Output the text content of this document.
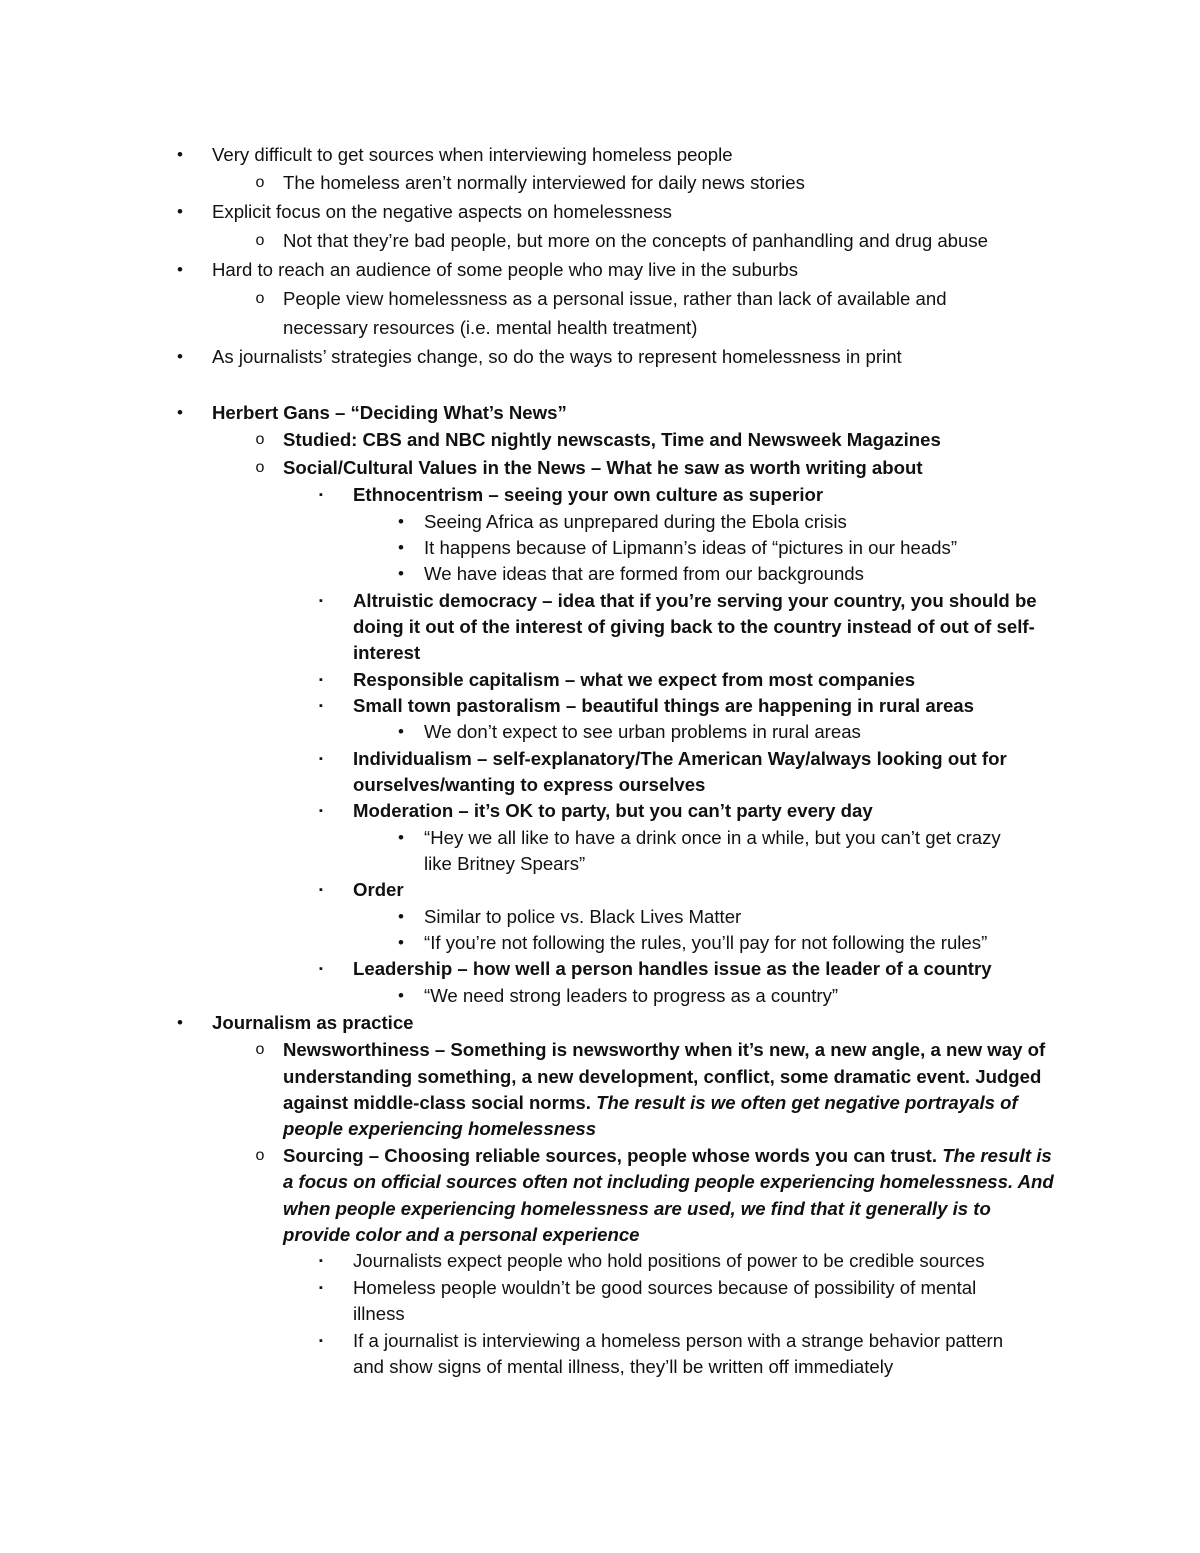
• Very difficult to get sources when interviewing homeless people
o The homeless aren’t normally interviewed for daily news stories
• Explicit focus on the negative aspects on homelessness
o Not that they’re bad people, but more on the concepts of panhandling and drug abuse
• Hard to reach an audience of some people who may live in the suburbs
o People view homelessness as a personal issue, rather than lack of available and
necessary resources (i.e. mental health treatment)
• As journalists’ strategies change, so do the ways to represent homelessness in print
• Herbert Gans – “Deciding What’s News”
o Studied: CBS and NBC nightly newscasts, Time and Newsweek Magazines
o Social/Cultural Values in the News – What he saw as worth writing about
▪	Ethnocentrism – seeing your own culture as superior
• Seeing Africa as unprepared during the Ebola crisis
• It happens because of Lipmann’s ideas of “pictures in our heads”
• We have ideas that are formed from our backgrounds
▪	Altruistic democracy – idea that if you’re serving your country, you should be
doing it out of the interest of giving back to the country instead of out of self-
interest
▪	Responsible capitalism – what we expect from most companies
▪	Small town pastoralism – beautiful things are happening in rural areas
• We don’t expect to see urban problems in rural areas
▪	Individualism – self-explanatory/The American Way/always looking out for
ourselves/wanting to express ourselves
▪	Moderation – it’s OK to party, but you can’t party every day
• “Hey we all like to have a drink once in a while, but you can’t get crazy
like Britney Spears”
▪	Order
• Similar to police vs. Black Lives Matter
• “If you’re not following the rules, you’ll pay for not following the rules”
▪	Leadership – how well a person handles issue as the leader of a country
• “We need strong leaders to progress as a country”
• Journalism as practice
o Newsworthiness – Something is newsworthy when it’s new, a new angle, a new way of
understanding something, a new development, conflict, some dramatic event. Judged
against middle-class social norms. The result is we often get negative portrayals of
people experiencing homelessness
o Sourcing – Choosing reliable sources, people whose words you can trust. The result is
a focus on official sources often not including people experiencing homelessness. And
when people experiencing homelessness are used, we find that it generally is to
provide color and a personal experience
▪	Journalists expect people who hold positions of power to be credible sources
▪	Homeless people wouldn’t be good sources because of possibility of mental
illness
▪	If a journalist is interviewing a homeless person with a strange behavior pattern
and show signs of mental illness, they’ll be written off immediately
